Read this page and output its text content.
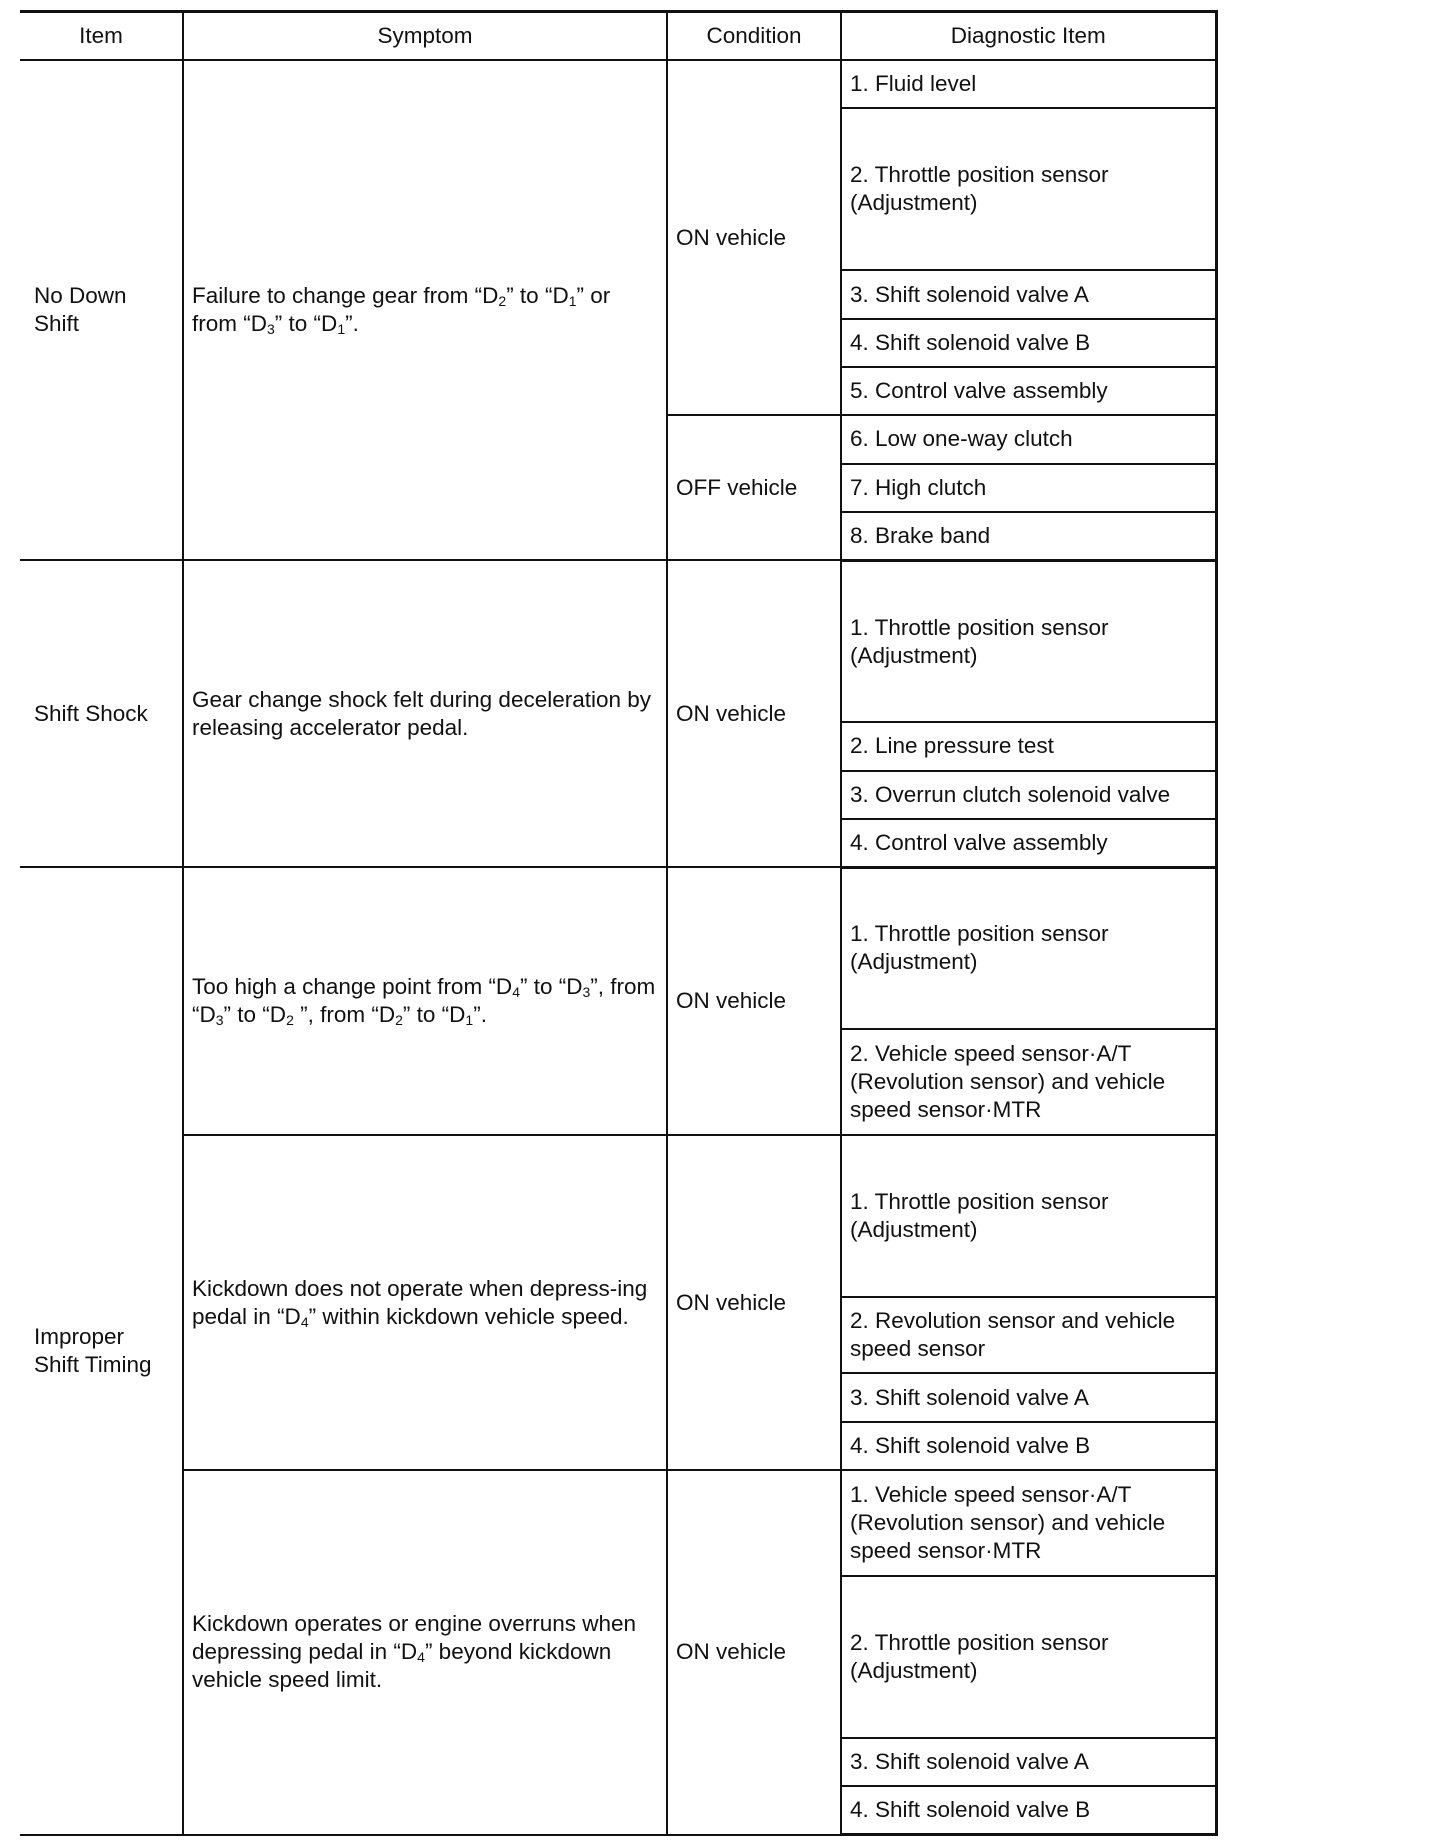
Item	Symptom	Condition	Diagnostic Item
No Down Shift	Failure to change gear from “$D_2$” to “$D_1$” or from “$D_3$” to “$D_1$”.	ON vehicle	1. Fluid level
			2. Throttle position sensor (Adjustment)
			3. Shift solenoid valve A
			4. Shift solenoid valve B
			5. Control valve assembly
		OFF vehicle	6. Low one-way clutch
			7. High clutch
			8. Brake band
Shift Shock	Gear change shock felt during deceleration by releasing accelerator pedal.	ON vehicle	1. Throttle position sensor (Adjustment)
			2. Line pressure test
			3. Overrun clutch solenoid valve
			4. Control valve assembly
Improper Shift Timing	Too high a change point from “$D_4$” to “$D_3$”, from “$D_3$” to “$D_2$ ”, from “$D_2$” to “$D_1$”.	ON vehicle	1. Throttle position sensor (Adjustment)
			2. Vehicle speed sensor·A/T (Revolution sensor) and vehicle speed sensor·MTR
	Kickdown does not operate when depress-ing pedal in “$D_4$” within kickdown vehicle speed.	ON vehicle	1. Throttle position sensor (Adjustment)
			2. Revolution sensor and vehicle speed sensor
			3. Shift solenoid valve A
			4. Shift solenoid valve B
	Kickdown operates or engine overruns when depressing pedal in “$D_4$” beyond kickdown vehicle speed limit.	ON vehicle	1. Vehicle speed sensor·A/T (Revolution sensor) and vehicle speed sensor·MTR
			2. Throttle position sensor (Adjustment)
			3. Shift solenoid valve A
			4. Shift solenoid valve B
